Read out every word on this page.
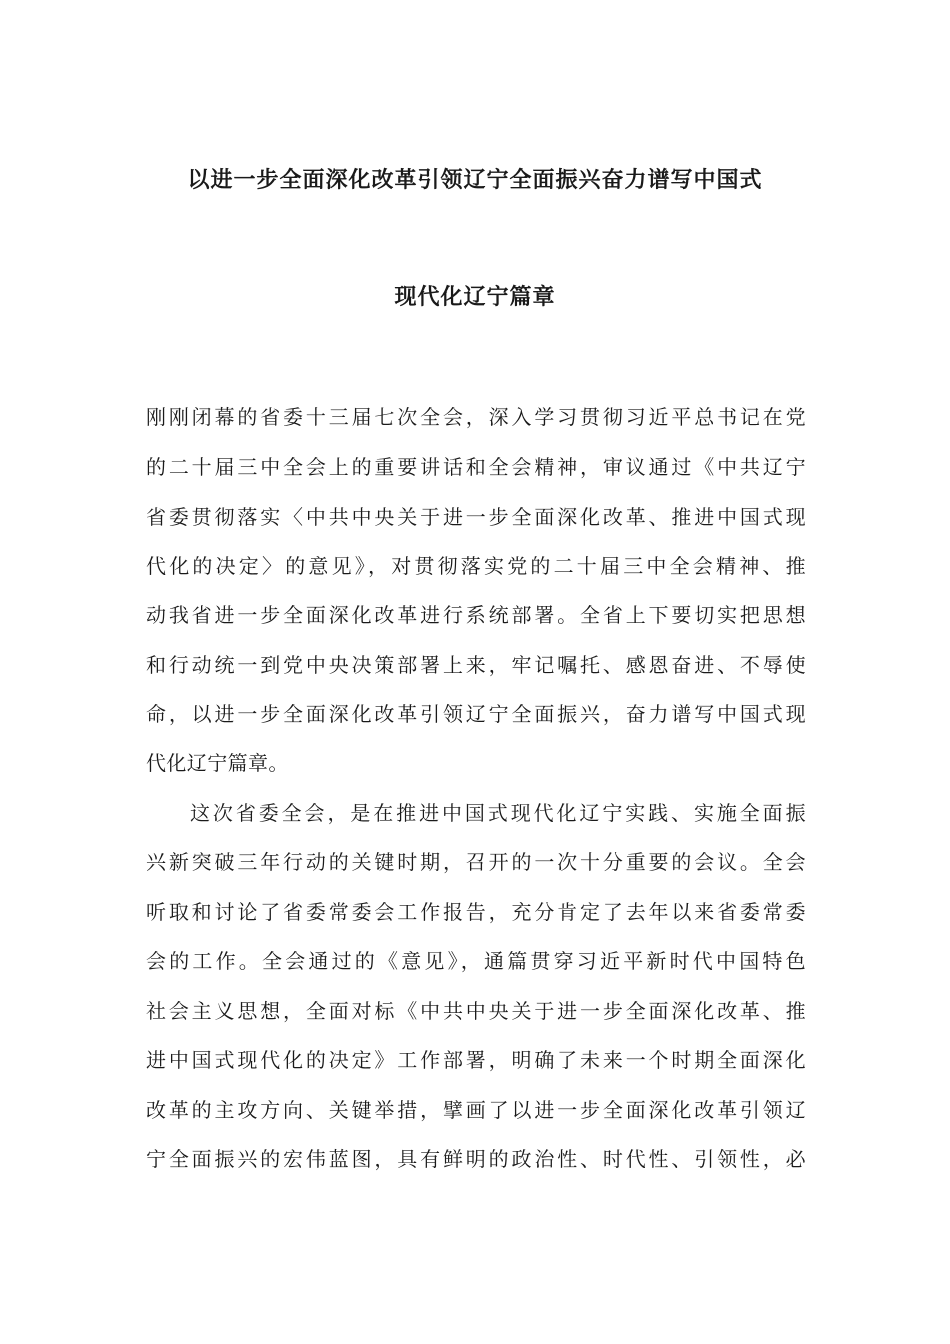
以进一步全面深化改革引领辽宁全面振兴奋力谱写中国式
现代化辽宁篇章
刚刚闭幕的省委十三届七次全会，深入学习贯彻习近平总书记在党
的二十届三中全会上的重要讲话和全会精神，审议通过《中共辽宁
省委贯彻落实〈中共中央关于进一步全面深化改革、推进中国式现
代化的决定〉的意见》，对贯彻落实党的二十届三中全会精神、推
动我省进一步全面深化改革进行系统部署。全省上下要切实把思想
和行动统一到党中央决策部署上来，牢记嘱托、感恩奋进、不辱使
命，以进一步全面深化改革引领辽宁全面振兴，奋力谱写中国式现
代化辽宁篇章。
这次省委全会，是在推进中国式现代化辽宁实践、实施全面振
兴新突破三年行动的关键时期，召开的一次十分重要的会议。全会
听取和讨论了省委常委会工作报告，充分肯定了去年以来省委常委
会的工作。全会通过的《意见》，通篇贯穿习近平新时代中国特色
社会主义思想，全面对标《中共中央关于进一步全面深化改革、推
进中国式现代化的决定》工作部署，明确了未来一个时期全面深化
改革的主攻方向、关键举措，擘画了以进一步全面深化改革引领辽
宁全面振兴的宏伟蓝图，具有鲜明的政治性、时代性、引领性，必
